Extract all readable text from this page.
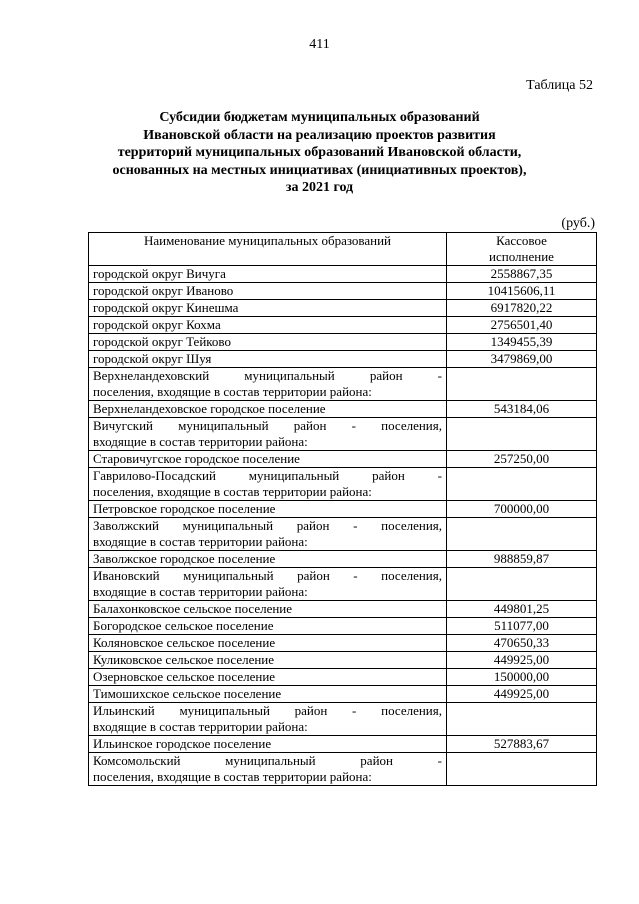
411
Таблица 52
Субсидии бюджетам муниципальных образований
Ивановской области на реализацию проектов развития
территорий муниципальных образований Ивановской области,
основанных на местных инициативах (инициативных проектов),
за 2021 год
(руб.)
Наименование муниципальных образований	Кассовое
исполнение

городской округ Вичуга	2558867,35
городской округ Иваново	10415606,11
городской округ Кинешма	6917820,22
городской округ Кохма	2756501,40
городской округ Тейково	1349455,39
городской округ Шуя	3479869,00

Верхнеландеховский муниципальный район -
поселения, входящие в состав территории района:	

Верхнеландеховское городское поселение	543184,06

Вичугский муниципальный район - поселения,
входящие в состав территории района:	

Старовичугское городское поселение	257250,00

Гаврилово-Посадский муниципальный район -
поселения, входящие в состав территории района:	

Петровское городское поселение	700000,00

Заволжский муниципальный район - поселения,
входящие в состав территории района:	

Заволжское городское поселение	988859,87

Ивановский муниципальный район - поселения,
входящие в состав территории района:	

Балахонковское сельское поселение	449801,25
Богородское сельское поселение	511077,00
Коляновское сельское поселение	470650,33
Куликовское сельское поселение	449925,00
Озерновское сельское поселение	150000,00
Тимошихское сельское поселение	449925,00

Ильинский муниципальный район - поселения,
входящие в состав территории района:	

Ильинское городское поселение	527883,67

Комсомольский муниципальный район -
поселения, входящие в состав территории района:	
